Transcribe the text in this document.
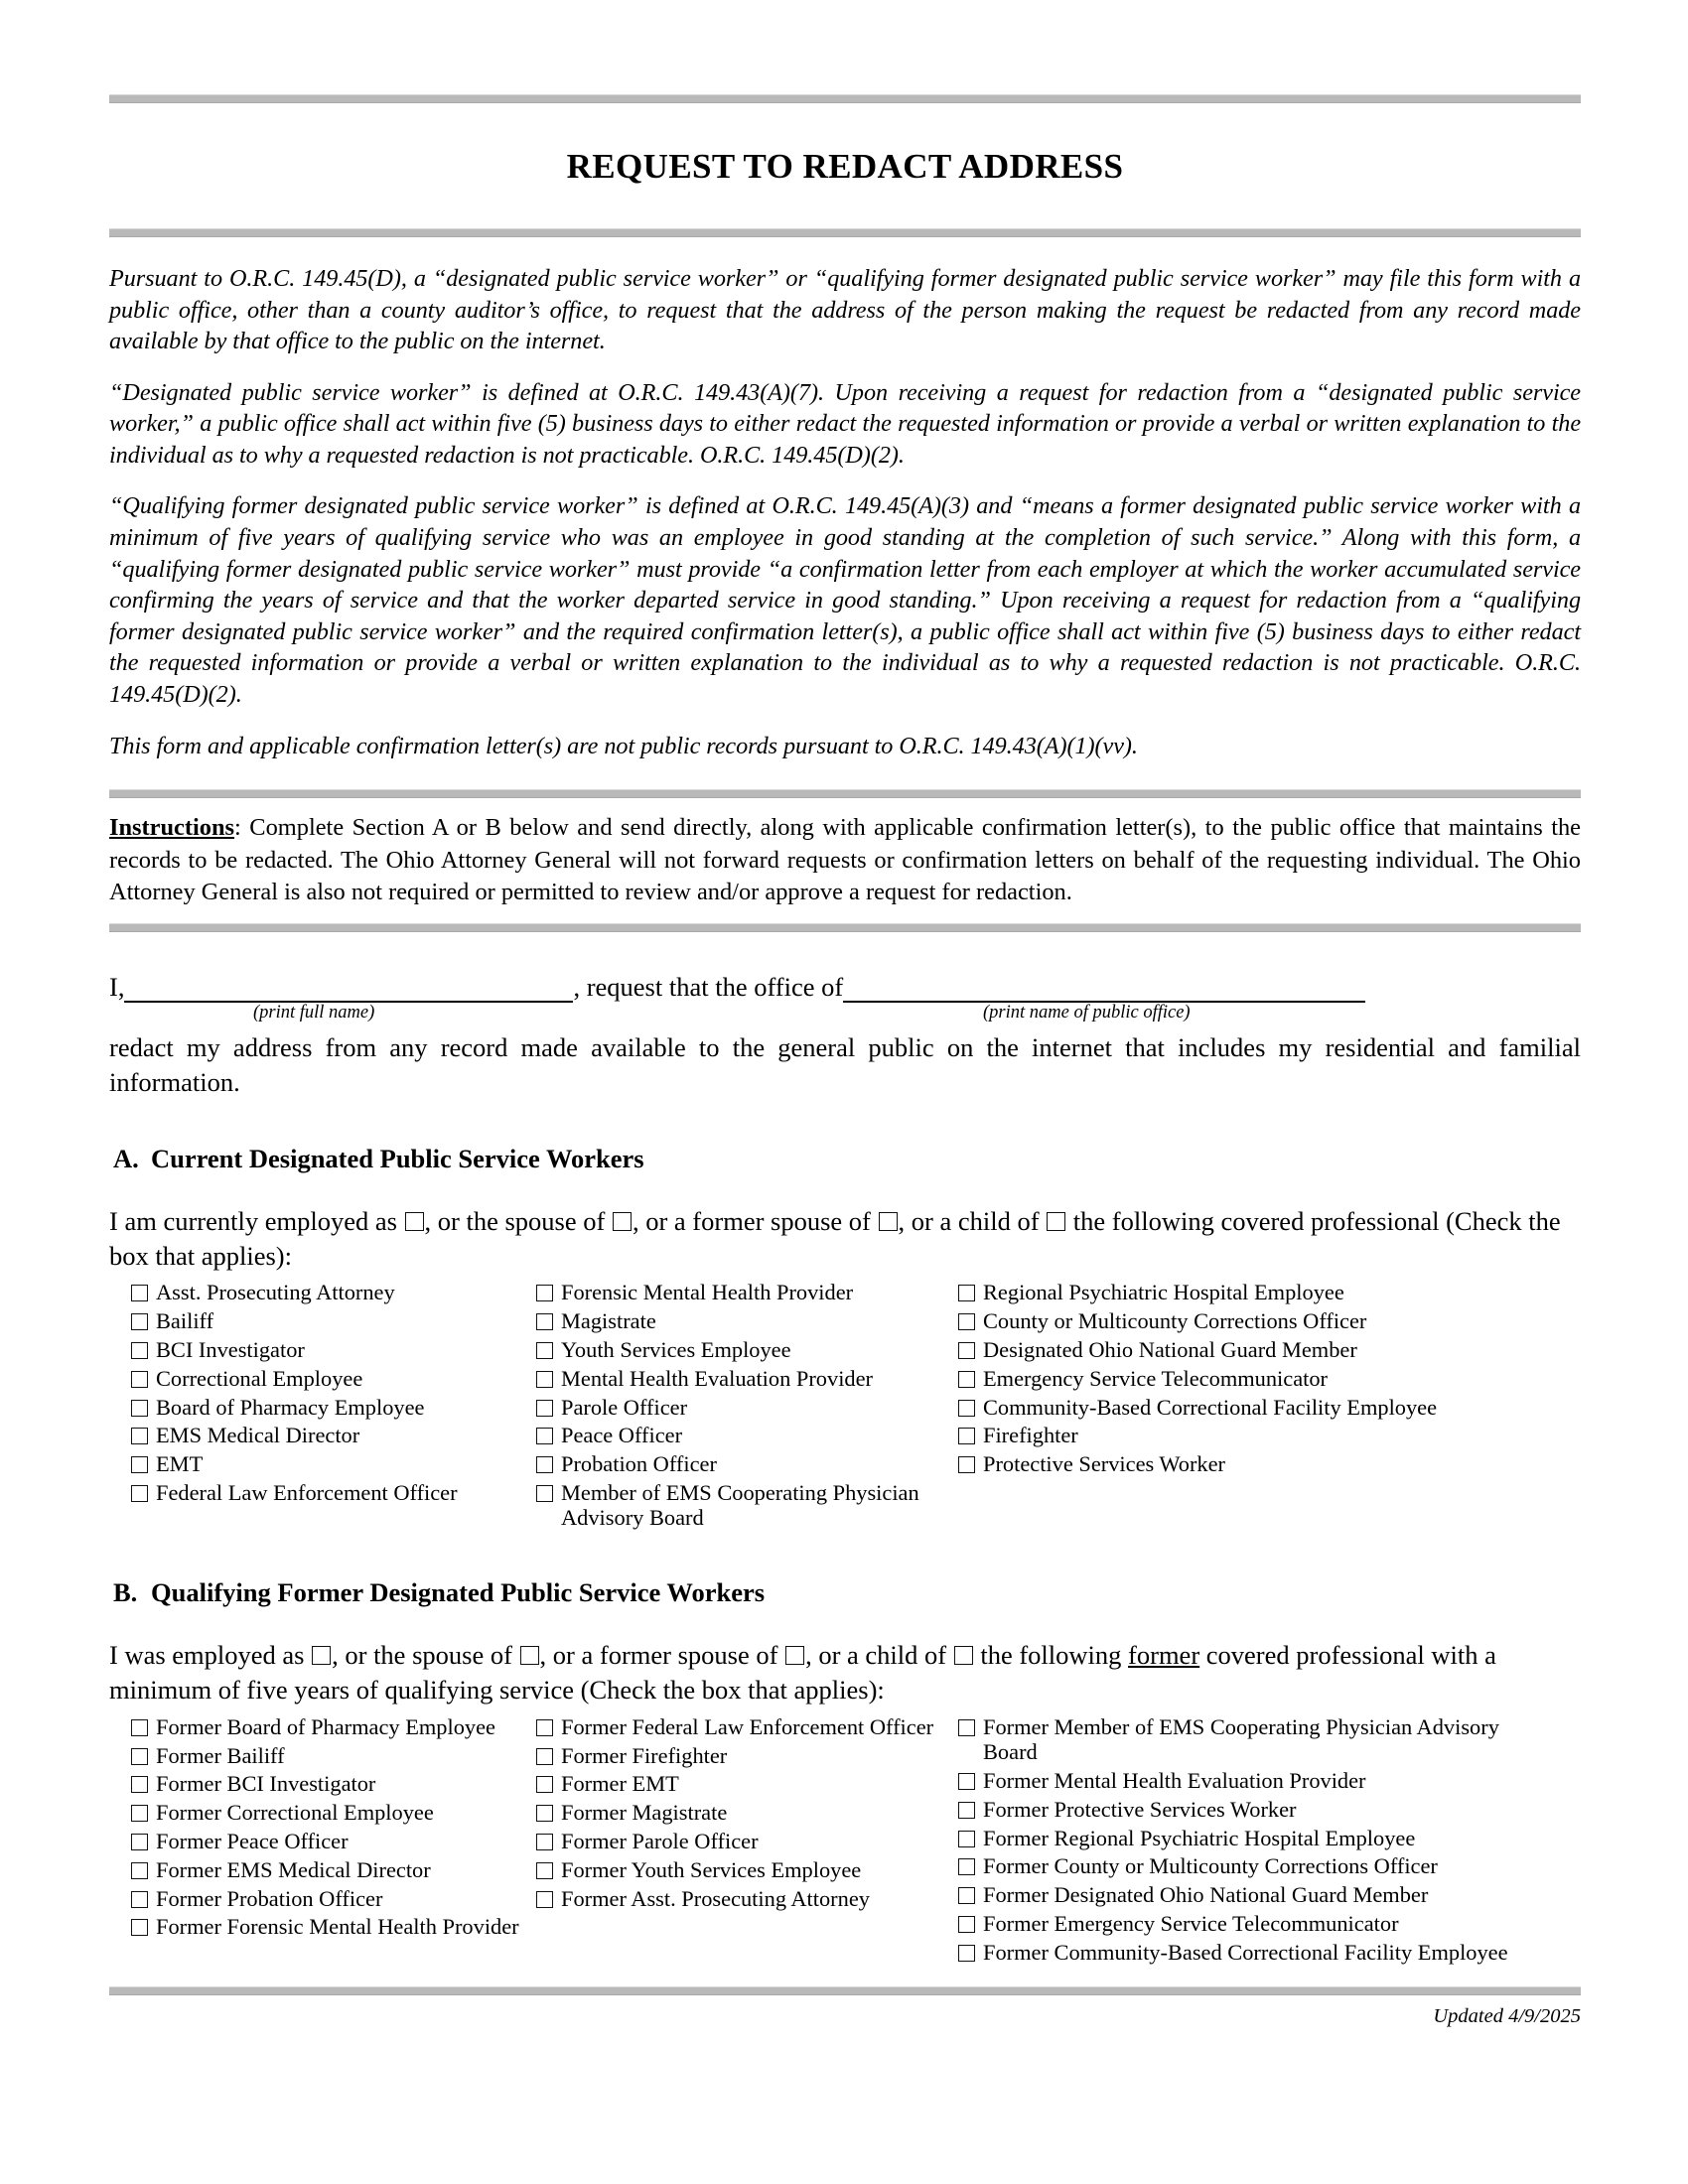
REQUEST TO REDACT ADDRESS

Pursuant to O.R.C. 149.45(D), a “designated public service worker” or “qualifying former designated public service worker” may file this form with a public office, other than a county auditor’s office, to request that the address of the person making the request be redacted from any record made available by that office to the public on the internet.

“Designated public service worker” is defined at O.R.C. 149.43(A)(7). Upon receiving a request for redaction from a “designated public service worker,” a public office shall act within five (5) business days to either redact the requested information or provide a verbal or written explanation to the individual as to why a requested redaction is not practicable. O.R.C. 149.45(D)(2).

“Qualifying former designated public service worker” is defined at O.R.C. 149.45(A)(3) and “means a former designated public service worker with a minimum of five years of qualifying service who was an employee in good standing at the completion of such service.” Along with this form, a “qualifying former designated public service worker” must provide “a confirmation letter from each employer at which the worker accumulated service confirming the years of service and that the worker departed service in good standing.” Upon receiving a request for redaction from a “qualifying former designated public service worker” and the required confirmation letter(s), a public office shall act within five (5) business days to either redact the requested information or provide a verbal or written explanation to the individual as to why a requested redaction is not practicable. O.R.C. 149.45(D)(2).

This form and applicable confirmation letter(s) are not public records pursuant to O.R.C. 149.43(A)(1)(vv).

Instructions: Complete Section A or B below and send directly, along with applicable confirmation letter(s), to the public office that maintains the records to be redacted. The Ohio Attorney General will not forward requests or confirmation letters on behalf of the requesting individual. The Ohio Attorney General is also not required or permitted to review and/or approve a request for redaction.
I,	, request that the office of
(print full name)	(print name of public office)
redact my address from any record made available to the general public on the internet that includes my residential and familial information.
A. Current Designated Public Service Workers
I am currently employed as , or the spouse of , or a former spouse of , or a child of  the following covered professional (Check the box that applies):
Asst. Prosecuting Attorney
Bailiff
BCI Investigator
Correctional Employee
Board of Pharmacy Employee
EMS Medical Director
EMT
Federal Law Enforcement Officer
Forensic Mental Health Provider
Magistrate
Youth Services Employee
Mental Health Evaluation Provider
Parole Officer
Peace Officer
Probation Officer
Member of EMS Cooperating Physician Advisory Board
Regional Psychiatric Hospital Employee
County or Multicounty Corrections Officer
Designated Ohio National Guard Member
Emergency Service Telecommunicator
Community-Based Correctional Facility Employee
Firefighter
Protective Services Worker
B. Qualifying Former Designated Public Service Workers
I was employed as , or the spouse of , or a former spouse of , or a child of  the following former covered professional with a minimum of five years of qualifying service (Check the box that applies):
Former Board of Pharmacy Employee
Former Bailiff
Former BCI Investigator
Former Correctional Employee
Former Peace Officer
Former EMS Medical Director
Former Probation Officer
Former Forensic Mental Health Provider
Former Federal Law Enforcement Officer
Former Firefighter
Former EMT
Former Magistrate
Former Parole Officer
Former Youth Services Employee
Former Asst. Prosecuting Attorney
Former Member of EMS Cooperating Physician Advisory Board
Former Mental Health Evaluation Provider
Former Protective Services Worker
Former Regional Psychiatric Hospital Employee
Former County or Multicounty Corrections Officer
Former Designated Ohio National Guard Member
Former Emergency Service Telecommunicator
Former Community-Based Correctional Facility Employee
Updated 4/9/2025
